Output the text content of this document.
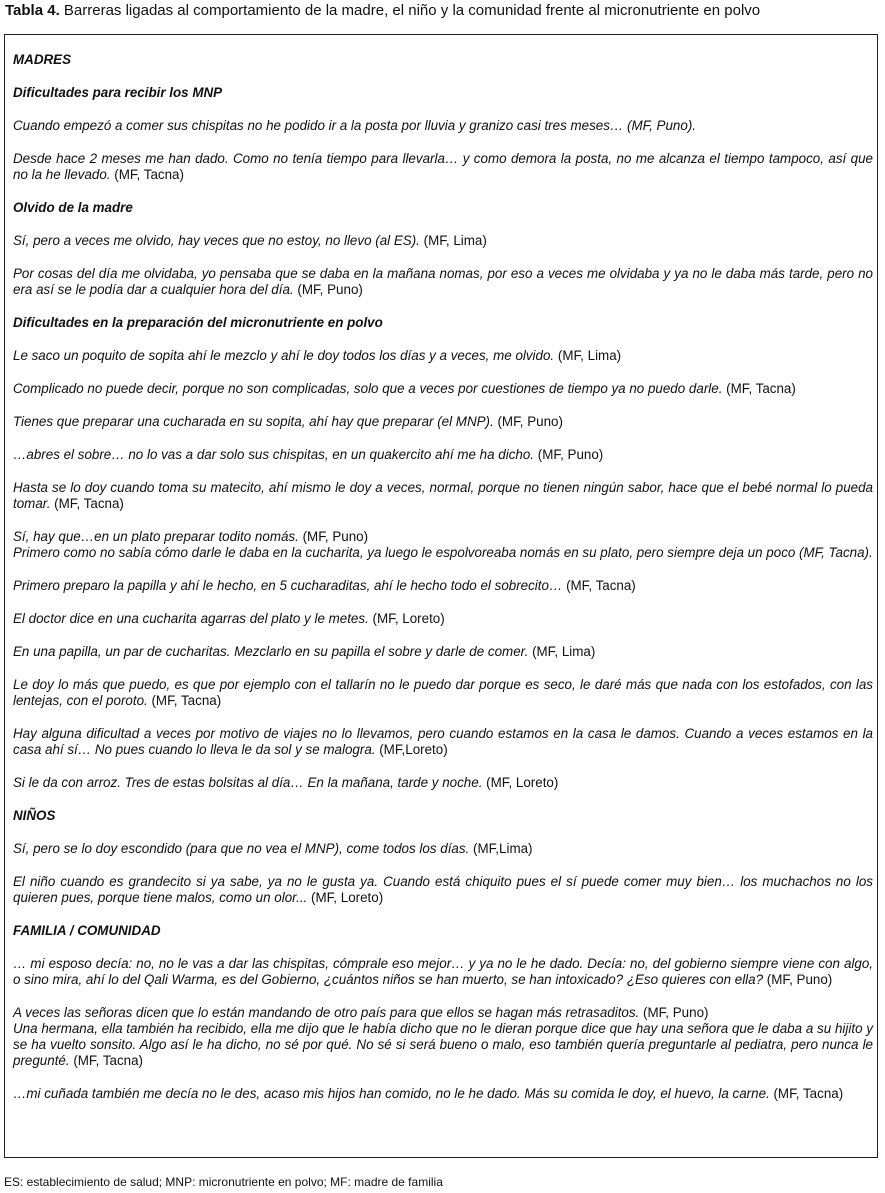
Tabla 4. Barreras ligadas al comportamiento de la madre, el niño y la comunidad frente al micronutriente en polvo
MADRES
Dificultades para recibir los MNP
Cuando empezó a comer sus chispitas no he podido ir a la posta por lluvia y granizo casi tres meses… (MF, Puno).
Desde hace 2 meses me han dado. Como no tenía tiempo para llevarla… y como demora la posta, no me alcanza el tiempo tampoco, así que no la he llevado. (MF, Tacna)
Olvido de la madre
Sí, pero a veces me olvido, hay veces que no estoy, no llevo (al ES). (MF, Lima)
Por cosas del día me olvidaba, yo pensaba que se daba en la mañana nomas, por eso a veces me olvidaba y ya no le daba más tarde, pero no era así se le podía dar a cualquier hora del día. (MF, Puno)
Dificultades en la preparación del micronutriente en polvo
Le saco un poquito de sopita ahí le mezclo y ahí le doy todos los días y a veces, me olvido. (MF, Lima)
Complicado no puede decir, porque no son complicadas, solo que a veces por cuestiones de tiempo ya no puedo darle. (MF, Tacna)
Tienes que preparar una cucharada en su sopita, ahí hay que preparar (el MNP). (MF, Puno)
…abres el sobre… no lo vas a dar solo sus chispitas, en un quakercito ahí me ha dicho. (MF, Puno)
Hasta se lo doy cuando toma su matecito, ahí mismo le doy a veces, normal, porque no tienen ningún sabor, hace que el bebé normal lo pueda tomar. (MF, Tacna)
Sí, hay que…en un plato preparar todito nomás. (MF, Puno)
Primero como no sabía cómo darle le daba en la cucharita, ya luego le espolvoreaba nomás en su plato, pero siempre deja un poco (MF, Tacna).
Primero preparo la papilla y ahí le hecho, en 5 cucharaditas, ahí le hecho todo el sobrecito… (MF, Tacna)
El doctor dice en una cucharita agarras del plato y le metes. (MF, Loreto)
En una papilla, un par de cucharitas. Mezclarlo en su papilla el sobre y darle de comer. (MF, Lima)
Le doy lo más que puedo, es que por ejemplo con el tallarín no le puedo dar porque es seco, le daré más que nada con los estofados, con las lentejas, con el poroto. (MF, Tacna)
Hay alguna dificultad a veces por motivo de viajes no lo llevamos, pero cuando estamos en la casa le damos. Cuando a veces estamos en la casa ahí sí… No pues cuando lo lleva le da sol y se malogra. (MF,Loreto)
Si le da con arroz. Tres de estas bolsitas al día… En la mañana, tarde y noche. (MF, Loreto)
NIÑOS
Sí, pero se lo doy escondido (para que no vea el MNP), come todos los días. (MF,Lima)
El niño cuando es grandecito si ya sabe, ya no le gusta ya. Cuando está chiquito pues el sí puede comer muy bien… los muchachos no los quieren pues, porque tiene malos, como un olor... (MF, Loreto)
FAMILIA / COMUNIDAD
… mi esposo decía: no, no le vas a dar las chispitas, cómprale eso mejor… y ya no le he dado. Decía: no, del gobierno siempre viene con algo, o sino mira, ahí lo del Qali Warma, es del Gobierno, ¿cuántos niños se han muerto, se han intoxicado? ¿Eso quieres con ella? (MF, Puno)
A veces las señoras dicen que lo están mandando de otro país para que ellos se hagan más retrasaditos. (MF, Puno)
Una hermana, ella también ha recibido, ella me dijo que le había dicho que no le dieran porque dice que hay una señora que le daba a su hijito y se ha vuelto sonsito. Algo así le ha dicho, no sé por qué. No sé si será bueno o malo, eso también quería preguntarle al pediatra, pero nunca le pregunté. (MF, Tacna)
…mi cuñada también me decía no le des, acaso mis hijos han comido, no le he dado. Más su comida le doy, el huevo, la carne. (MF, Tacna)
ES: establecimiento de salud; MNP: micronutriente en polvo; MF: madre de familia
